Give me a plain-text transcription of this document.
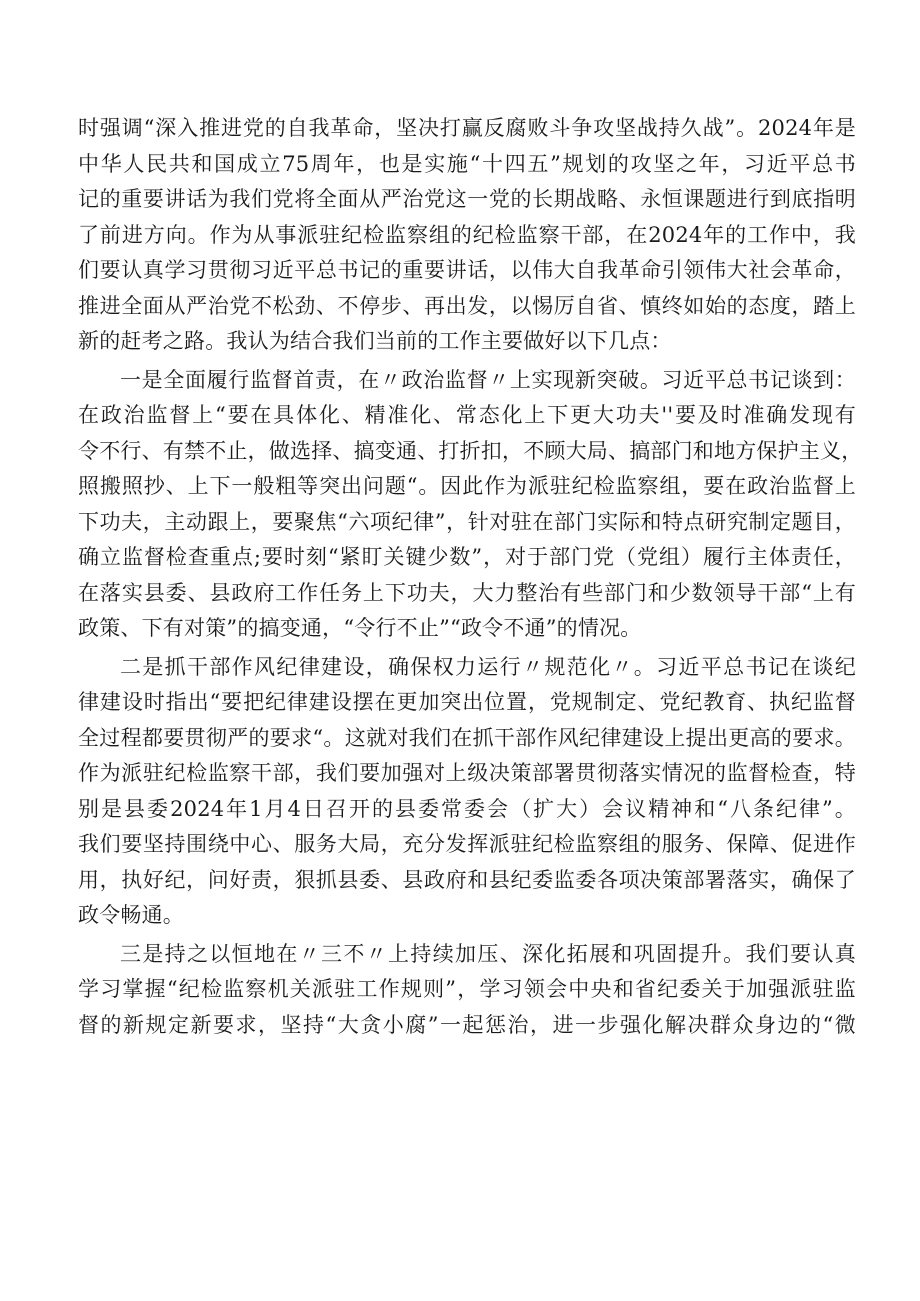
时强调“深入推进党的自我革命，坚决打赢反腐败斗争攻坚战持久战”。2024年是
中华人民共和国成立75周年，也是实施“十四五”规划的攻坚之年，习近平总书
记的重要讲话为我们党将全面从严治党这一党的长期战略、永恒课题进行到底指明
了前进方向。作为从事派驻纪检监察组的纪检监察干部，在2024年的工作中，我
们要认真学习贯彻习近平总书记的重要讲话，以伟大自我革命引领伟大社会革命，
推进全面从严治党不松劲、不停步、再出发，以惕厉自省、慎终如始的态度，踏上
新的赶考之路。我认为结合我们当前的工作主要做好以下几点：

一是全面履行监督首责，在〃政治监督〃上实现新突破。习近平总书记谈到：
在政治监督上“要在具体化、精准化、常态化上下更大功夫''要及时准确发现有
令不行、有禁不止，做选择、搞变通、打折扣，不顾大局、搞部门和地方保护主义，
照搬照抄、上下一般粗等突出问题“。因此作为派驻纪检监察组，要在政治监督上
下功夫，主动跟上，要聚焦“六项纪律”，针对驻在部门实际和特点研究制定题目，
确立监督检查重点;要时刻“紧盯关键少数”，对于部门党（党组）履行主体责任，
在落实县委、县政府工作任务上下功夫，大力整治有些部门和少数领导干部“上有
政策、下有对策”的搞变通，“令行不止”“政令不通”的情况。

二是抓干部作风纪律建设，确保权力运行〃规范化〃。习近平总书记在谈纪
律建设时指出“要把纪律建设摆在更加突出位置，党规制定、党纪教育、执纪监督
全过程都要贯彻严的要求“。这就对我们在抓干部作风纪律建设上提出更高的要求。
作为派驻纪检监察干部，我们要加强对上级决策部署贯彻落实情况的监督检查，特
别是县委2024年1月4日召开的县委常委会（扩大）会议精神和“八条纪律”。
我们要坚持围绕中心、服务大局，充分发挥派驻纪检监察组的服务、保障、促进作
用，执好纪，问好责，狠抓县委、县政府和县纪委监委各项决策部署落实，确保了
政令畅通。

三是持之以恒地在〃三不〃上持续加压、深化拓展和巩固提升。我们要认真
学习掌握“纪检监察机关派驻工作规则”，学习领会中央和省纪委关于加强派驻监
督的新规定新要求，坚持“大贪小腐”一起惩治，进一步强化解决群众身边的“微
